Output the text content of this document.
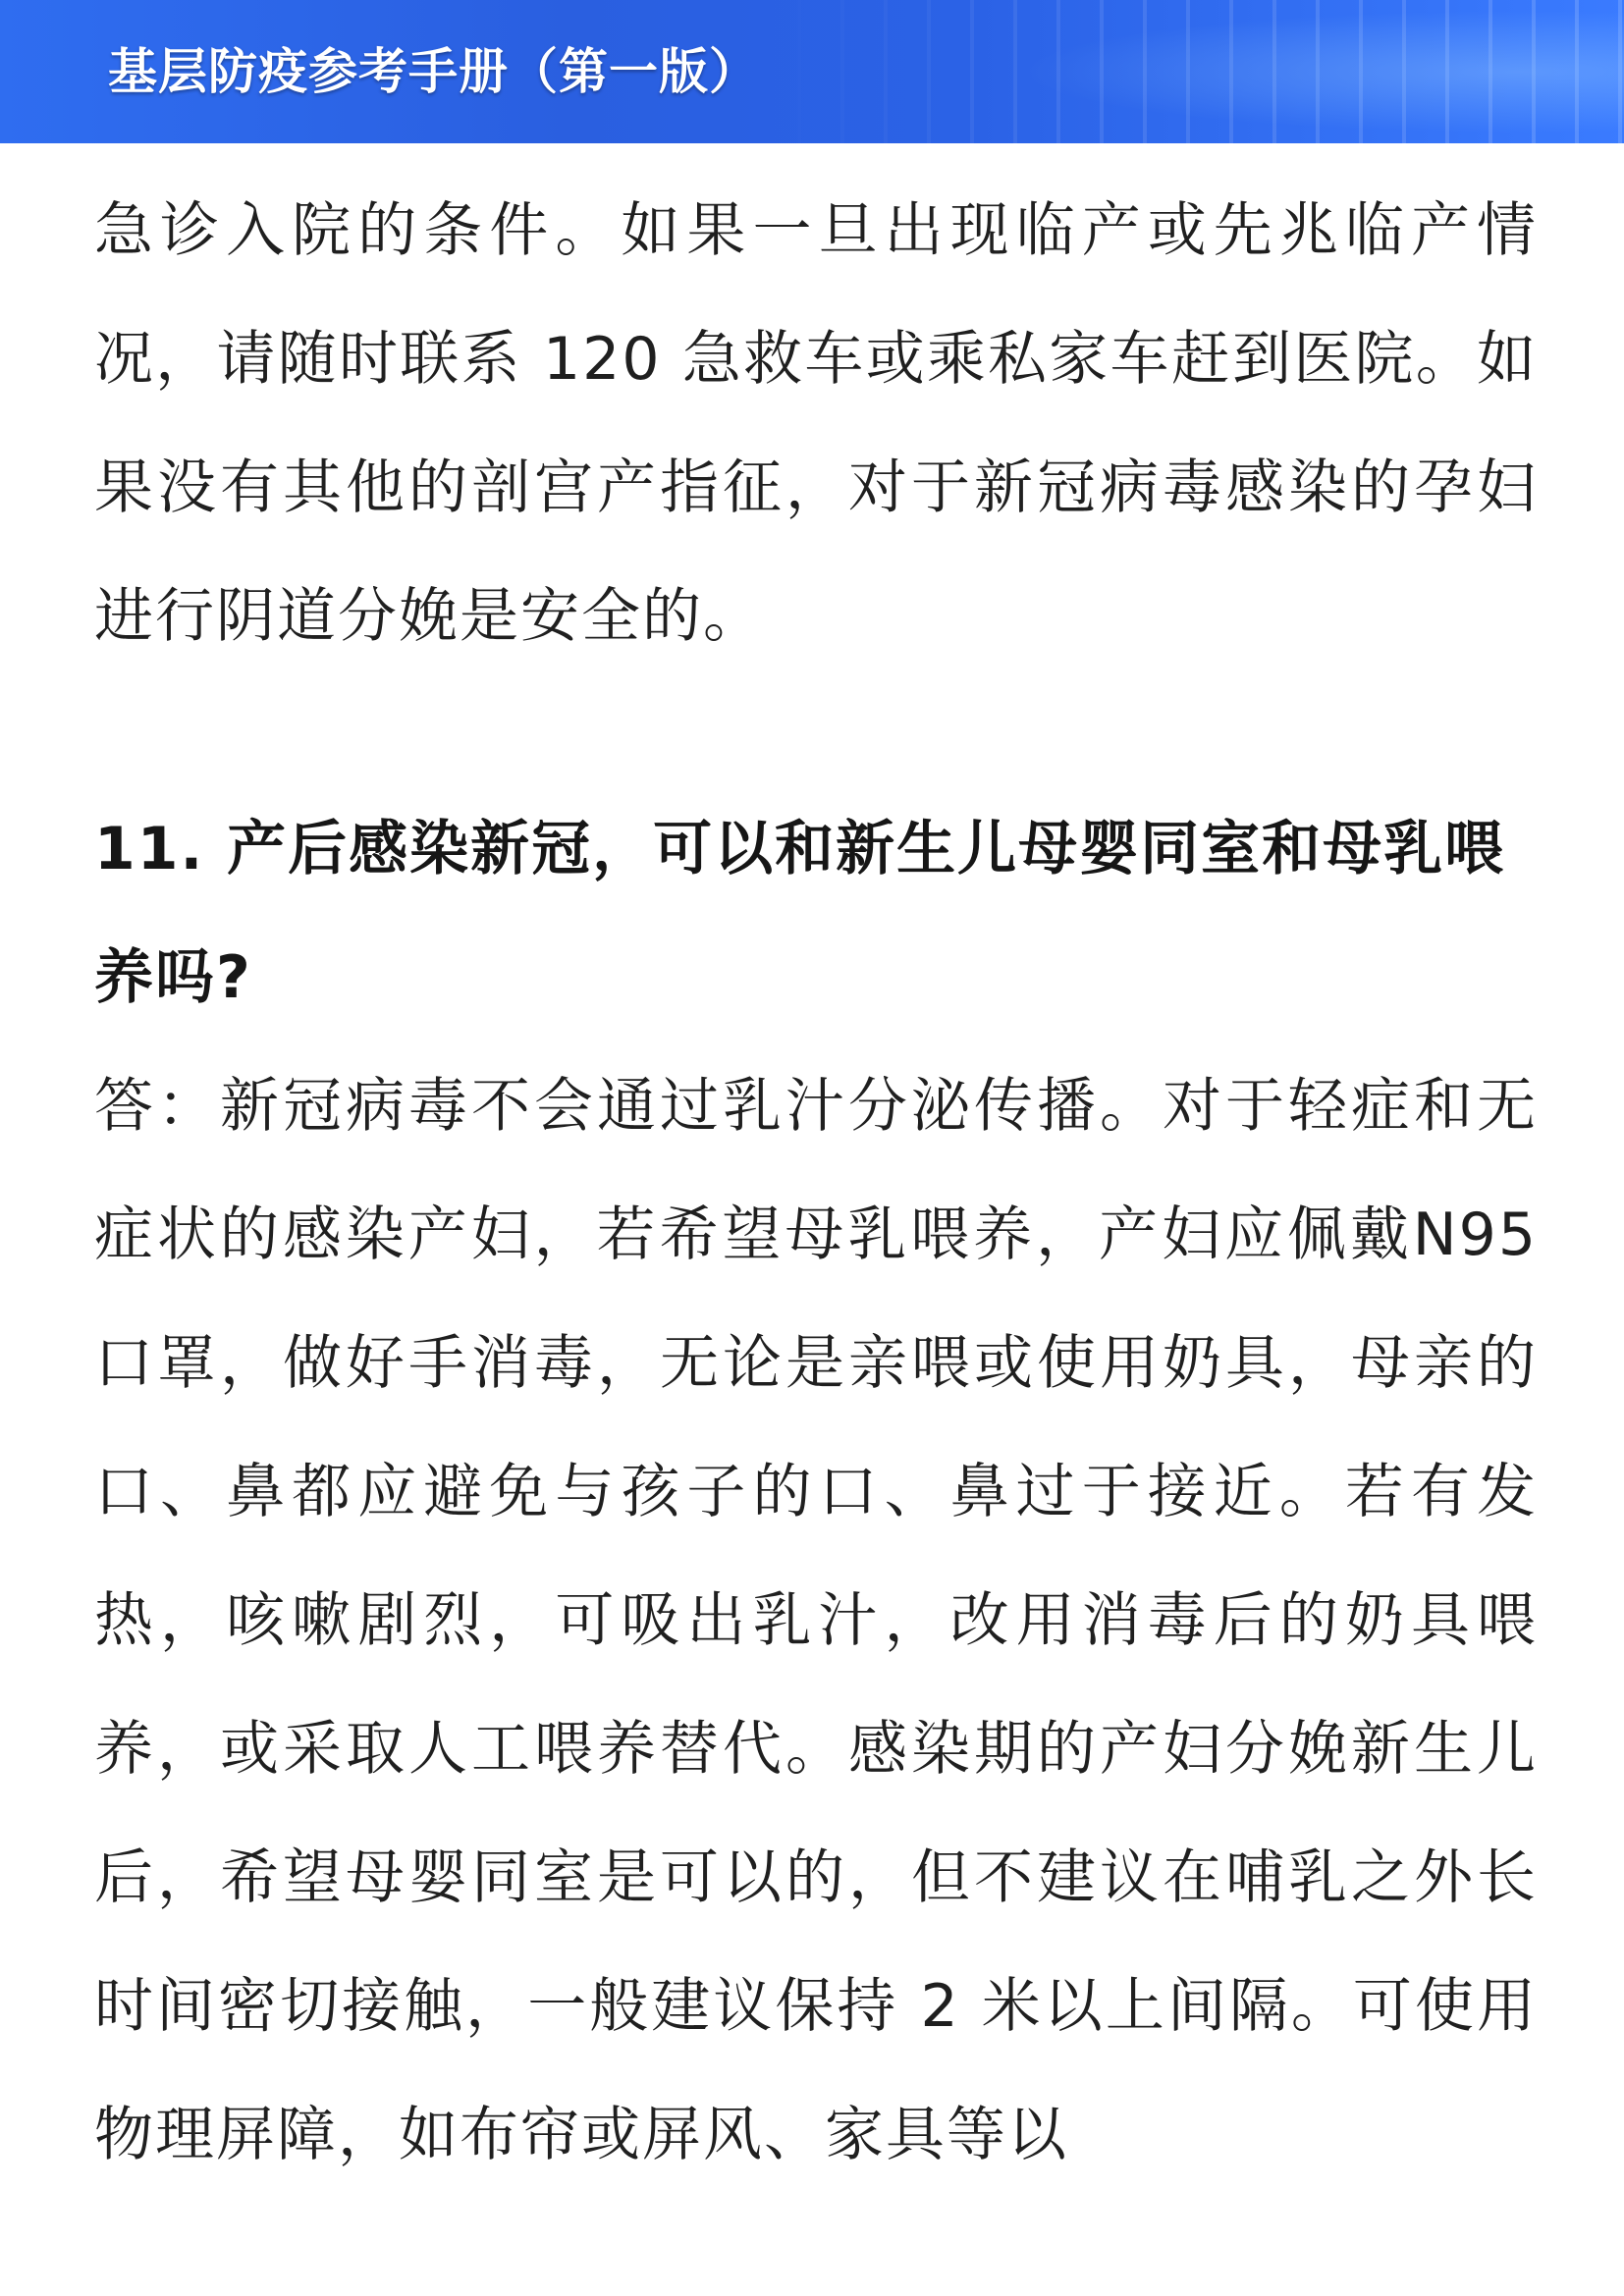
基层防疫参考手册（第一版）

急诊入院的条件。如果一旦出现临产或先兆临产情况，请随时联系 120 急救车或乘私家车赶到医院。如果没有其他的剖宫产指征，对于新冠病毒感染的孕妇进行阴道分娩是安全的。

11. 产后感染新冠，可以和新生儿母婴同室和母乳喂养吗?

答：新冠病毒不会通过乳汁分泌传播。对于轻症和无症状的感染产妇，若希望母乳喂养，产妇应佩戴N95 口罩，做好手消毒，无论是亲喂或使用奶具，母亲的口、鼻都应避免与孩子的口、鼻过于接近。若有发热，咳嗽剧烈，可吸出乳汁，改用消毒后的奶具喂养，或采取人工喂养替代。感染期的产妇分娩新生儿后，希望母婴同室是可以的，但不建议在哺乳之外长时间密切接触，一般建议保持 2 米以上间隔。可使用物理屏障，如布帘或屏风、家具等以
